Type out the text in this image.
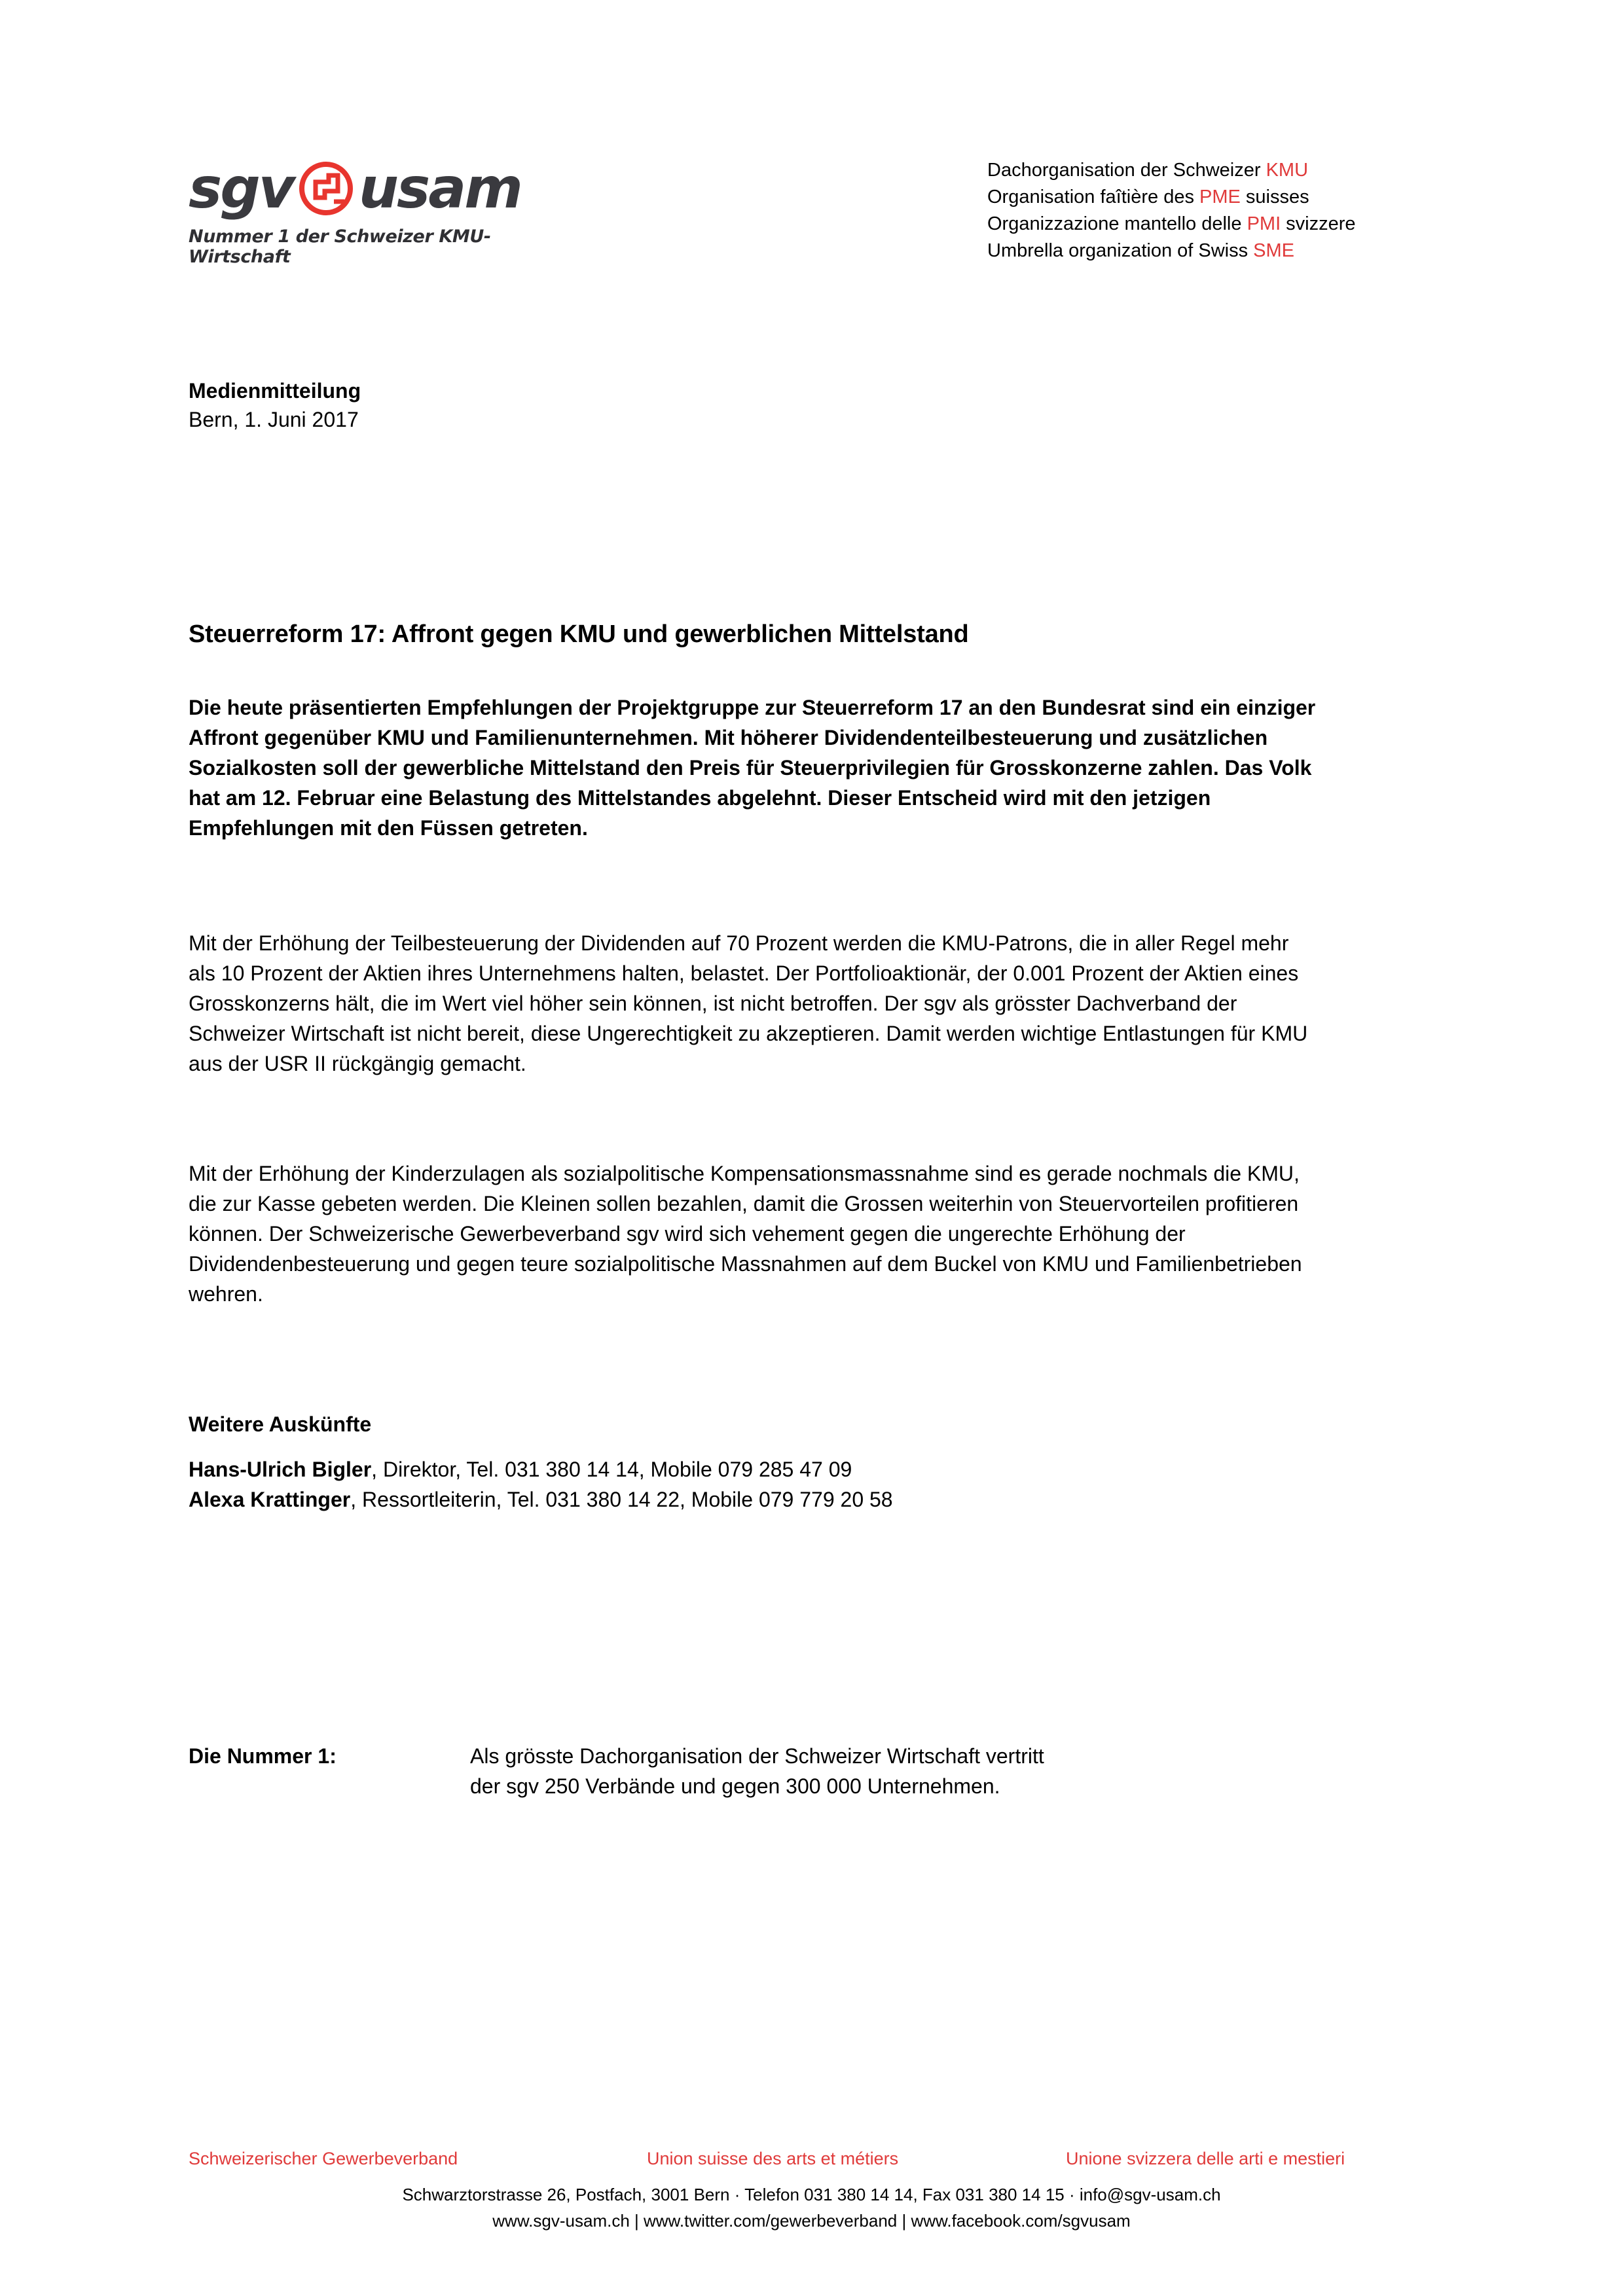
sgv usam
Nummer 1 der Schweizer KMU-Wirtschaft
Dachorganisation der Schweizer KMU
Organisation faîtière des PME suisses
Organizzazione mantello delle PMI svizzere
Umbrella organization of Swiss SME
Medienmitteilung
Bern, 1. Juni 2017
Steuerreform 17: Affront gegen KMU und gewerblichen Mittelstand

Die heute präsentierten Empfehlungen der Projektgruppe zur Steuerreform 17 an den Bundesrat sind ein einziger Affront gegenüber KMU und Familienunternehmen. Mit höherer Dividendenteilbesteuerung und zusätzlichen Sozialkosten soll der gewerbliche Mittelstand den Preis für Steuerprivilegien für Grosskonzerne zahlen. Das Volk hat am 12. Februar eine Belastung des Mittelstandes abgelehnt. Dieser Entscheid wird mit den jetzigen Empfehlungen mit den Füssen getreten.

Mit der Erhöhung der Teilbesteuerung der Dividenden auf 70 Prozent werden die KMU-Patrons, die in aller Regel mehr als 10 Prozent der Aktien ihres Unternehmens halten, belastet. Der Portfolioaktionär, der 0.001 Prozent der Aktien eines Grosskonzerns hält, die im Wert viel höher sein können, ist nicht betroffen. Der sgv als grösster Dachverband der Schweizer Wirtschaft ist nicht bereit, diese Ungerechtigkeit zu akzeptieren. Damit werden wichtige Entlastungen für KMU aus der USR II rückgängig gemacht.

Mit der Erhöhung der Kinderzulagen als sozialpolitische Kompensationsmassnahme sind es gerade nochmals die KMU, die zur Kasse gebeten werden. Die Kleinen sollen bezahlen, damit die Grossen weiterhin von Steuervorteilen profitieren können. Der Schweizerische Gewerbeverband sgv wird sich vehement gegen die ungerechte Erhöhung der Dividendenbesteuerung und gegen teure sozialpolitische Massnahmen auf dem Buckel von KMU und Familienbetrieben wehren.

Weitere Auskünfte
Hans-Ulrich Bigler, Direktor, Tel. 031 380 14 14, Mobile 079 285 47 09
Alexa Krattinger, Ressortleiterin, Tel. 031 380 14 22, Mobile 079 779 20 58
Die Nummer 1:	Als grösste Dachorganisation der Schweizer Wirtschaft vertritt
der sgv 250 Verbände und gegen 300 000 Unternehmen.
Schweizerischer Gewerbeverband	Union suisse des arts et métiers	Unione svizzera delle arti e mestieri
Schwarztorstrasse 26, Postfach, 3001 Bern · Telefon 031 380 14 14, Fax 031 380 14 15 · info@sgv-usam.ch
www.sgv-usam.ch | www.twitter.com/gewerbeverband | www.facebook.com/sgvusam
